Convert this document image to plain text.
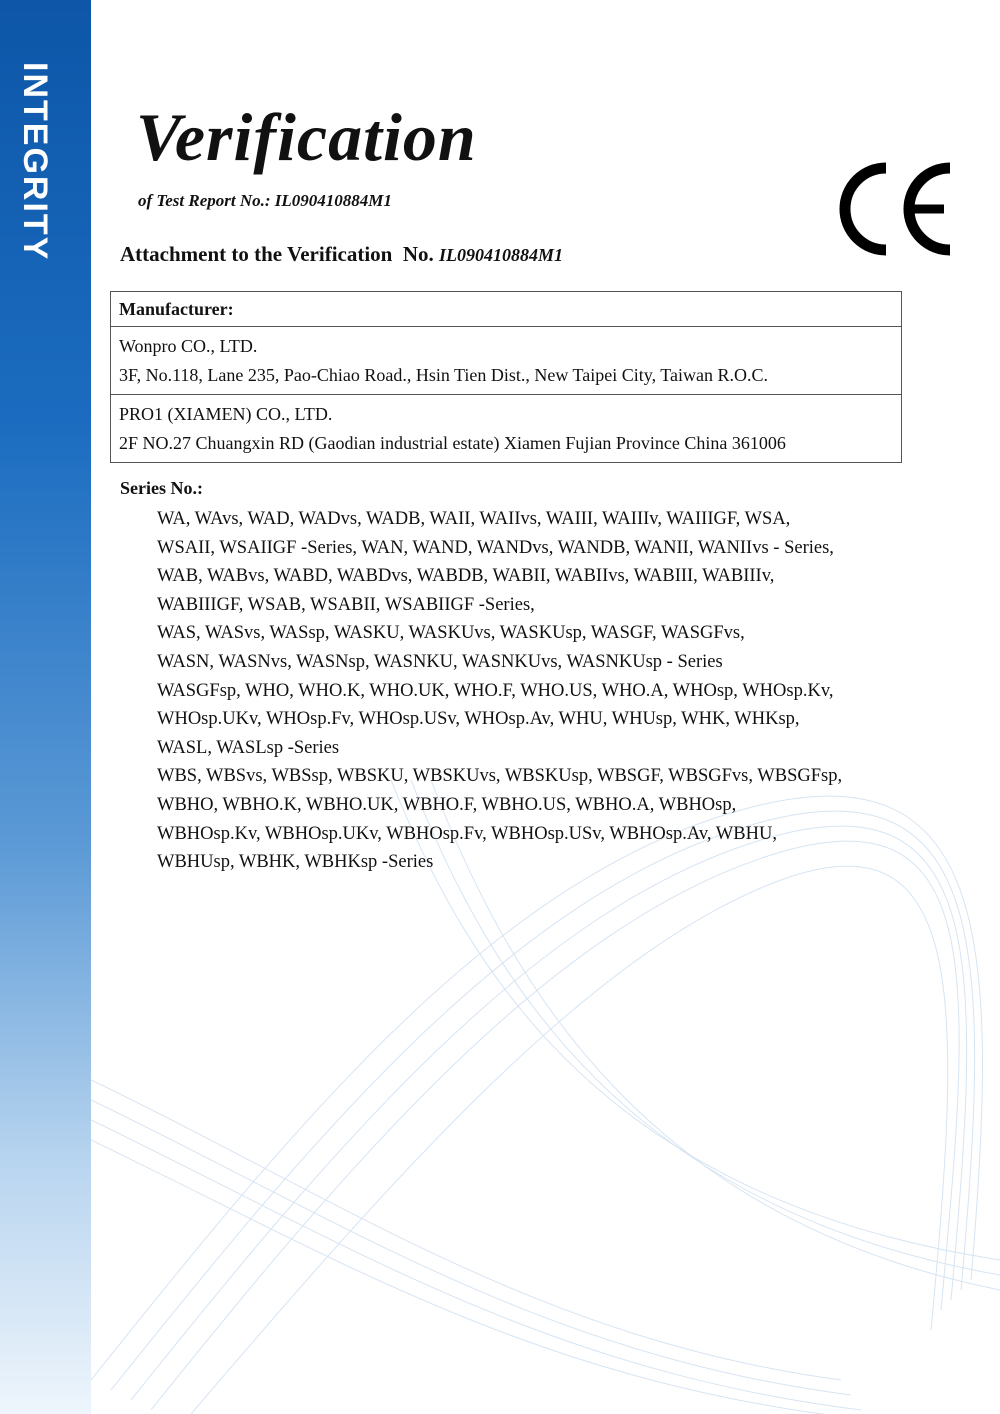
INTEGRITY Verification
of Test Report No.: IL090410884M1
Attachment to the Verification No. IL090410884M1
Manufacturer:
Wonpro CO., LTD.
3F, No.118, Lane 235, Pao-Chiao Road., Hsin Tien Dist., New Taipei City, Taiwan R.O.C.
PRO1 (XIAMEN) CO., LTD.
2F NO.27 Chuangxin RD (Gaodian industrial estate) Xiamen Fujian Province China 361006
Series No.:
WA, WAvs, WAD, WADvs, WADB, WAII, WAIIvs, WAIII, WAIIIv, WAIIIGF, WSA,
WSAII, WSAIIGF -Series, WAN, WAND, WANDvs, WANDB, WANII, WANIIvs - Series,
WAB, WABvs, WABD, WABDvs, WABDB, WABII, WABIIvs, WABIII, WABIIIv,
WABIIIGF, WSAB, WSABII, WSABIIGF -Series,
WAS, WASvs, WASsp, WASKU, WASKUvs, WASKUsp, WASGF, WASGFvs,
WASN, WASNvs, WASNsp, WASNKU, WASNKUvs, WASNKUsp - Series
WASGFsp, WHO, WHO.K, WHO.UK, WHO.F, WHO.US, WHO.A, WHOsp, WHOsp.Kv,
WHOsp.UKv, WHOsp.Fv, WHOsp.USv, WHOsp.Av, WHU, WHUsp, WHK, WHKsp,
WASL, WASLsp -Series
WBS, WBSvs, WBSsp, WBSKU, WBSKUvs, WBSKUsp, WBSGF, WBSGFvs, WBSGFsp,
WBHO, WBHO.K, WBHO.UK, WBHO.F, WBHO.US, WBHO.A, WBHOsp,
WBHOsp.Kv, WBHOsp.UKv, WBHOsp.Fv, WBHOsp.USv, WBHOsp.Av, WBHU,
WBHUsp, WBHK, WBHKsp -Series
